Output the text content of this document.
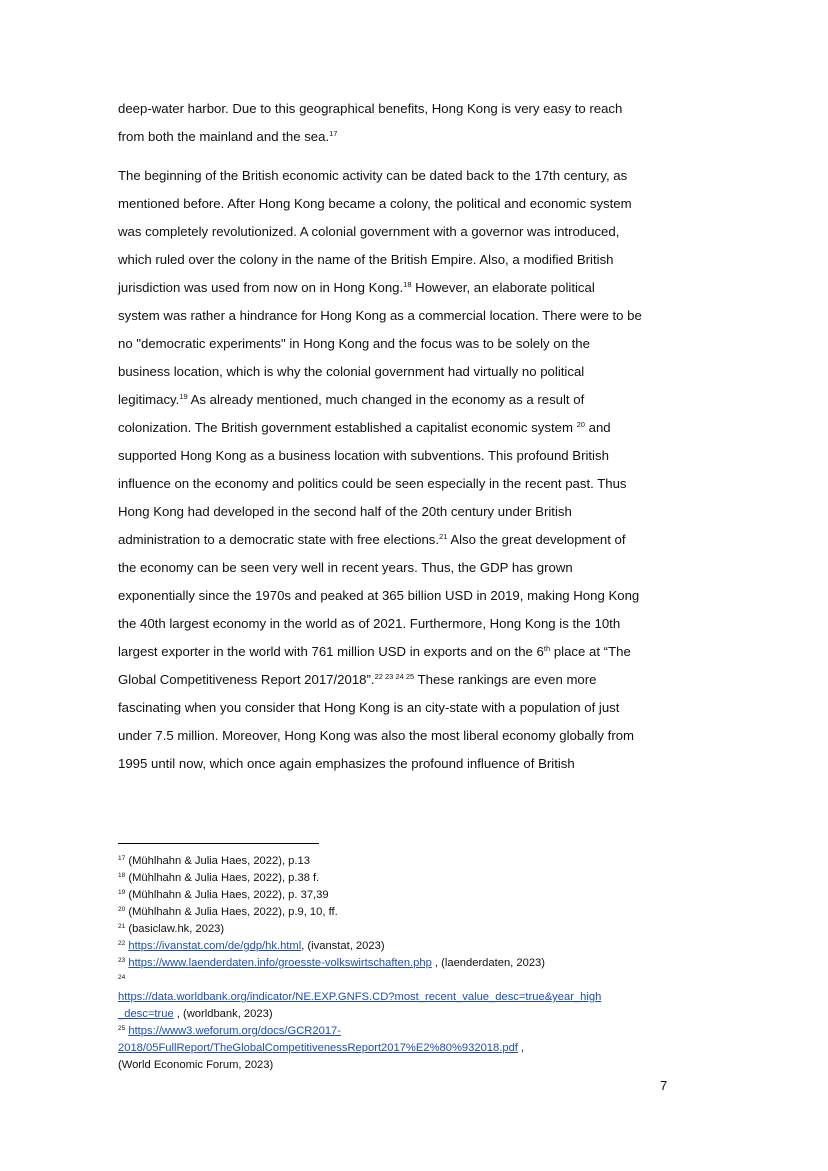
deep-water harbor. Due to this geographical benefits, Hong Kong is very easy to reach
from both the mainland and the sea.$^{17}$

The beginning of the British economic activity can be dated back to the 17th century, as
mentioned before. After Hong Kong became a colony, the political and economic system
was completely revolutionized. A colonial government with a governor was introduced,
which ruled over the colony in the name of the British Empire. Also, a modified British
jurisdiction was used from now on in Hong Kong.$^{18}$ However, an elaborate political
system was rather a hindrance for Hong Kong as a commercial location. There were to be
no "democratic experiments" in Hong Kong and the focus was to be solely on the
business location, which is why the colonial government had virtually no political
legitimacy.$^{19}$ As already mentioned, much changed in the economy as a result of
colonization. The British government established a capitalist economic system $^{20}$ and
supported Hong Kong as a business location with subventions. This profound British
influence on the economy and politics could be seen especially in the recent past. Thus
Hong Kong had developed in the second half of the 20th century under British
administration to a democratic state with free elections.$^{21}$ Also the great development of
the economy can be seen very well in recent years. Thus, the GDP has grown
exponentially since the 1970s and peaked at 365 billion USD in 2019, making Hong Kong
the 40th largest economy in the world as of 2021. Furthermore, Hong Kong is the 10th
largest exporter in the world with 761 million USD in exports and on the 6th place at “The
Global Competitiveness Report 2017/2018”.$^{22 23 24 25}$ These rankings are even more
fascinating when you consider that Hong Kong is an city-state with a population of just
under 7.5 million. Moreover, Hong Kong was also the most liberal economy globally from
1995 until now, which once again emphasizes the profound influence of British

$^{17}$ (Mühlhahn & Julia Haes, 2022), p.13
$^{18}$ (Mühlhahn & Julia Haes, 2022), p.38 f.
$^{19}$ (Mühlhahn & Julia Haes, 2022), p. 37,39
$^{20}$ (Mühlhahn & Julia Haes, 2022), p.9, 10, ff.
$^{21}$ (basiclaw.hk, 2023)
$^{22}$ https://ivanstat.com/de/gdp/hk.html, (ivanstat, 2023)
$^{23}$ https://www.laenderdaten.info/groesste-volkswirtschaften.php , (laenderdaten, 2023)
$^{24}$
https://data.worldbank.org/indicator/NE.EXP.GNFS.CD?most_recent_value_desc=true&year_high
_desc=true , (worldbank, 2023)
$^{25}$ https://www3.weforum.org/docs/GCR2017-
2018/05FullReport/TheGlobalCompetitivenessReport2017%E2%80%932018.pdf ,
(World Economic Forum, 2023)
7
